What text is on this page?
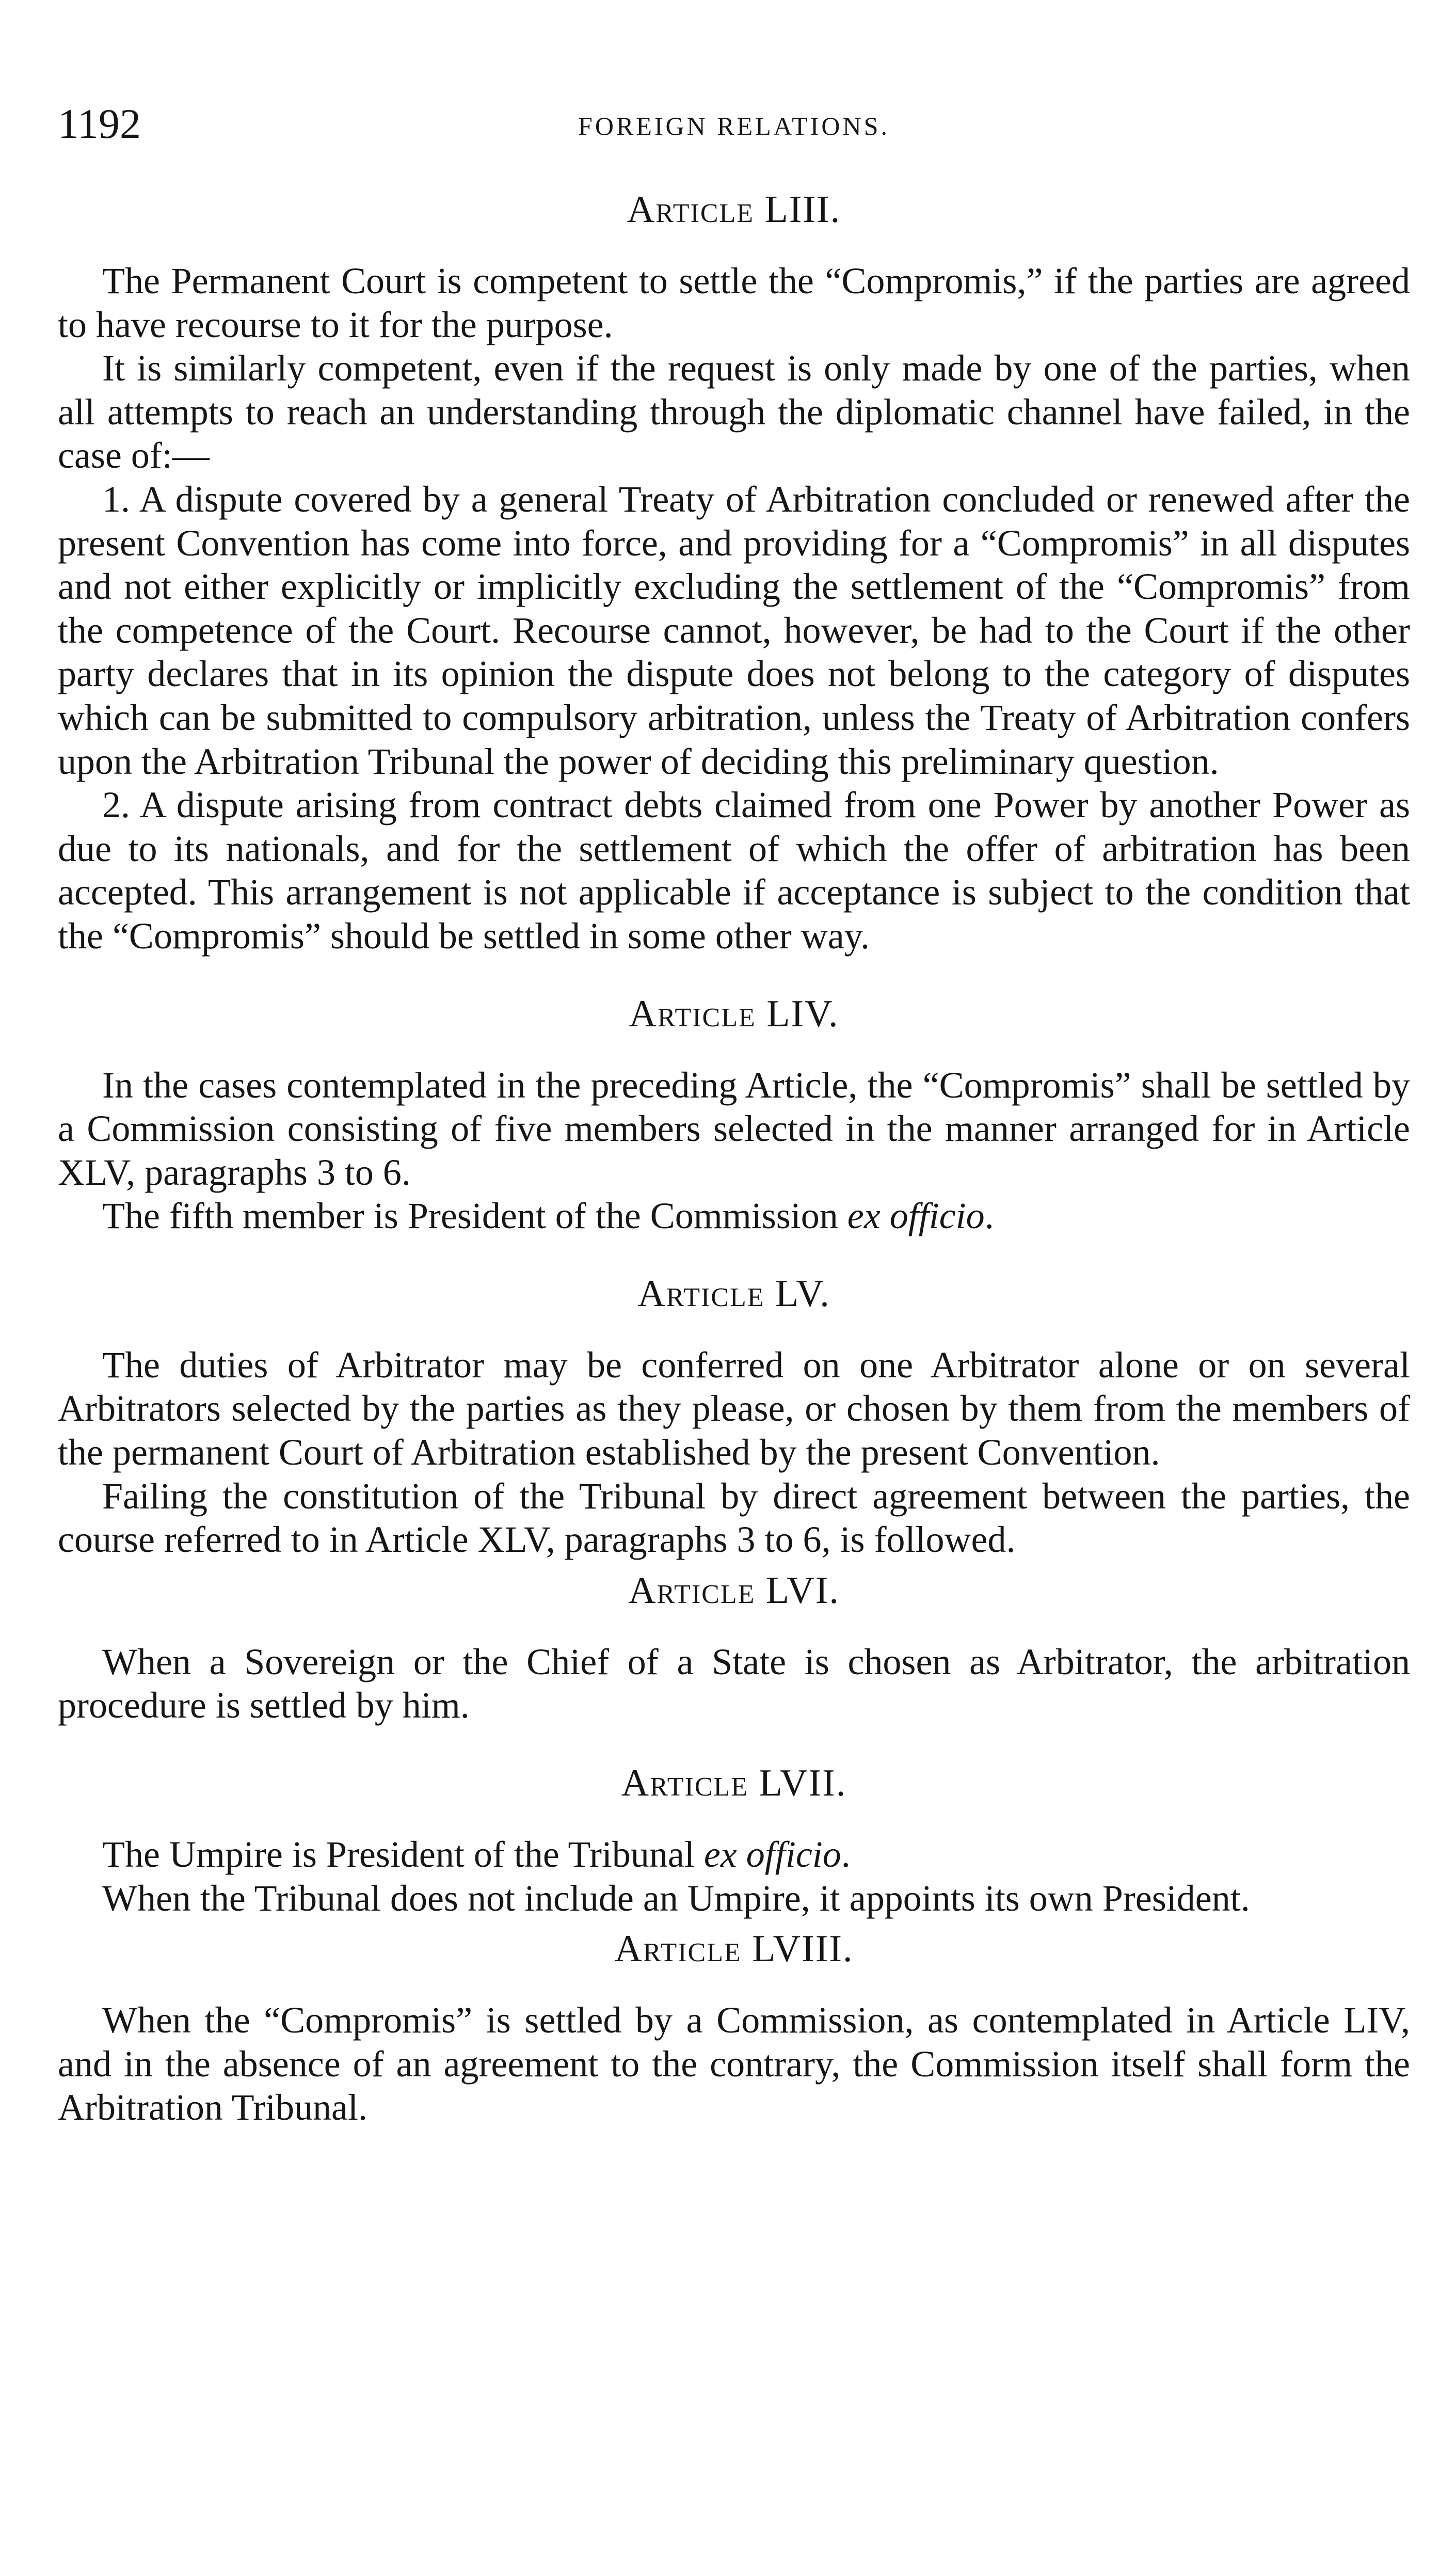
1192	FOREIGN RELATIONS.
Article LIII.

The Permanent Court is competent to settle the “Compromis,” if the parties are agreed to have recourse to it for the purpose.

It is similarly competent, even if the request is only made by one of the parties, when all attempts to reach an understanding through the diplomatic channel have failed, in the case of:—

1. A dispute covered by a general Treaty of Arbitration concluded or renewed after the present Convention has come into force, and providing for a “Compromis” in all disputes and not either explicitly or implicitly excluding the settlement of the “Compromis” from the competence of the Court. Recourse cannot, however, be had to the Court if the other party declares that in its opinion the dispute does not belong to the category of disputes which can be submitted to compulsory arbitration, unless the Treaty of Arbitration confers upon the Arbitration Tribunal the power of deciding this preliminary question.

2. A dispute arising from contract debts claimed from one Power by another Power as due to its nationals, and for the settlement of which the offer of arbitration has been accepted. This arrangement is not applicable if acceptance is subject to the condition that the “Compromis” should be settled in some other way.

Article LIV.

In the cases contemplated in the preceding Article, the “Compromis” shall be settled by a Commission consisting of five members selected in the manner arranged for in Article XLV, paragraphs 3 to 6.

The fifth member is President of the Commission ex officio.

Article LV.

The duties of Arbitrator may be conferred on one Arbitrator alone or on several Arbitrators selected by the parties as they please, or chosen by them from the members of the permanent Court of Arbitration established by the present Convention.

Failing the constitution of the Tribunal by direct agreement between the parties, the course referred to in Article XLV, paragraphs 3 to 6, is followed.

Article LVI.

When a Sovereign or the Chief of a State is chosen as Arbitrator, the arbitration procedure is settled by him.

Article LVII.

The Umpire is President of the Tribunal ex officio.

When the Tribunal does not include an Umpire, it appoints its own President.

Article LVIII.

When the “Compromis” is settled by a Commission, as contemplated in Article LIV, and in the absence of an agreement to the contrary, the Commission itself shall form the Arbitration Tribunal.
